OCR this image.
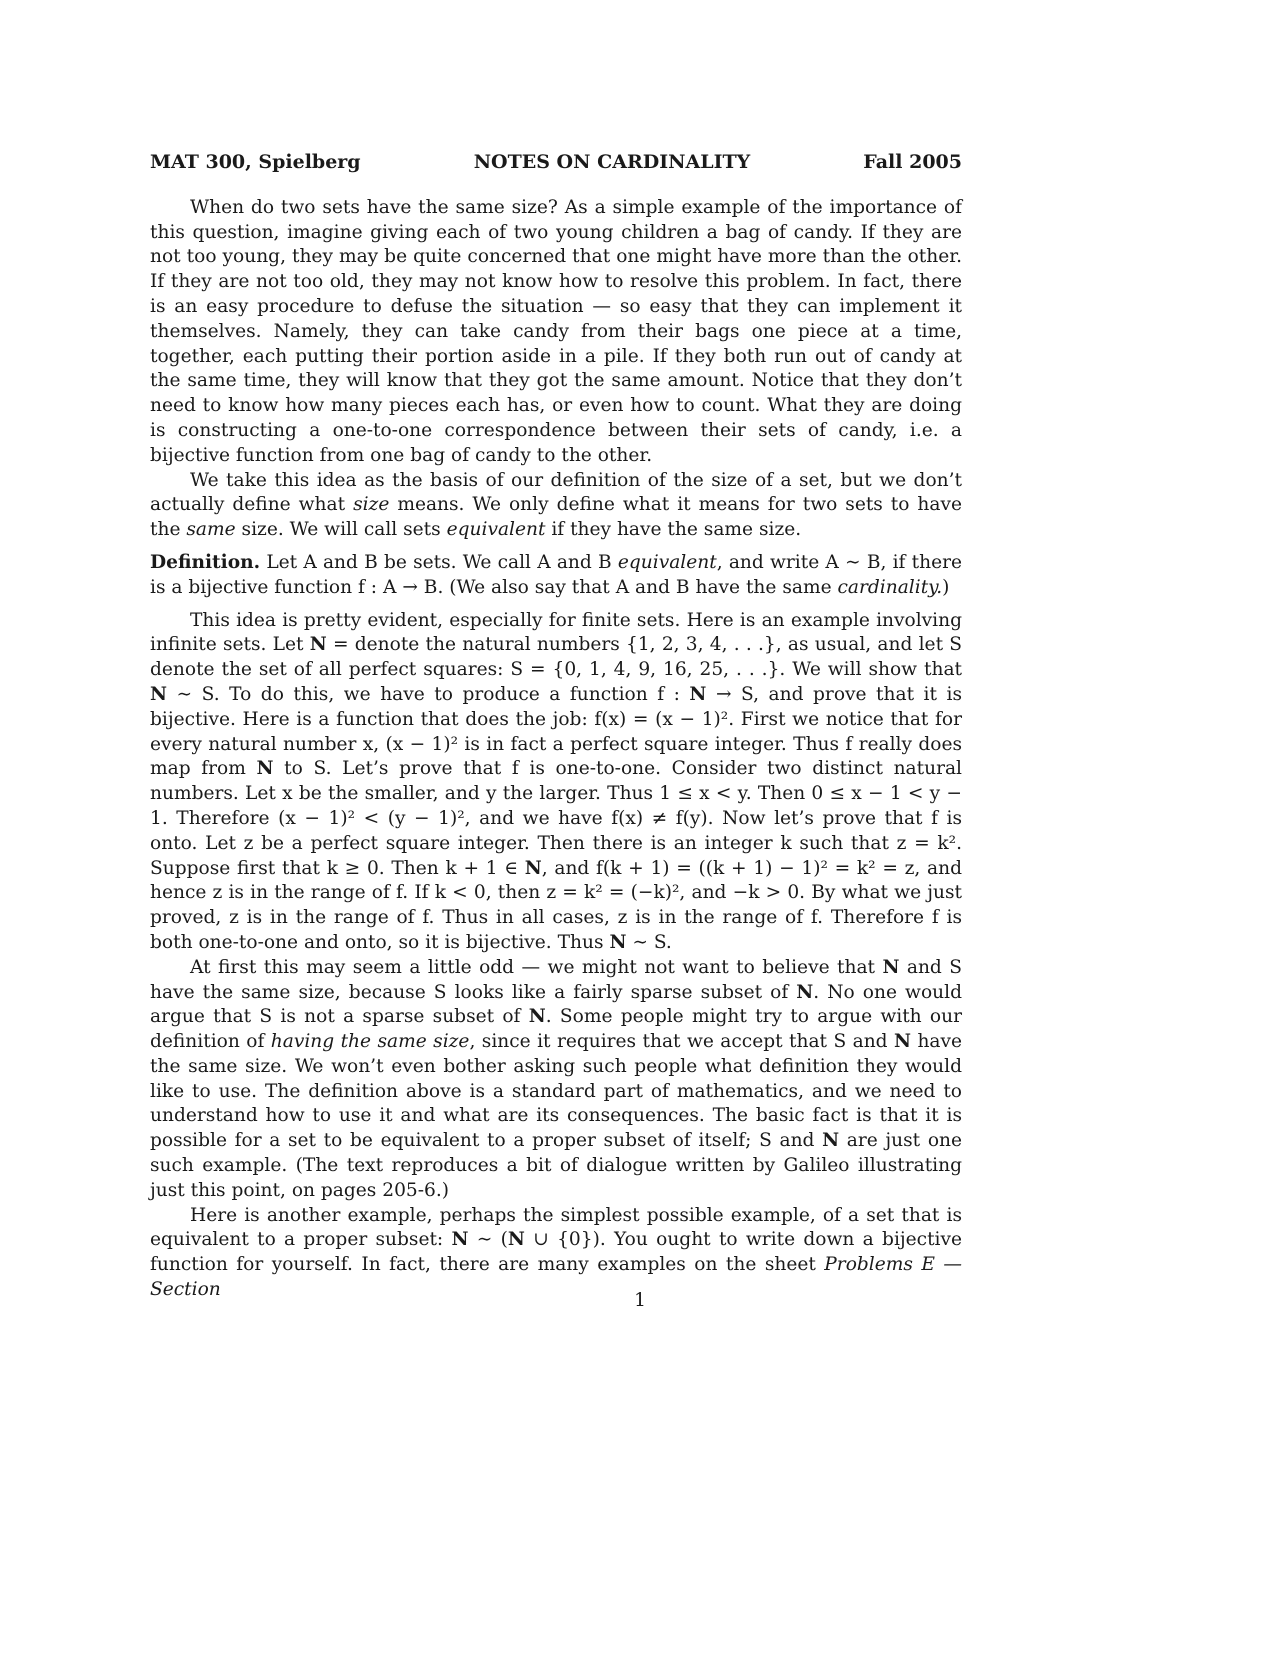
MAT 300, Spielberg	NOTES ON CARDINALITY	Fall 2005

When do two sets have the same size? As a simple example of the importance of this question, imagine giving each of two young children a bag of candy. If they are not too young, they may be quite concerned that one might have more than the other. If they are not too old, they may not know how to resolve this problem. In fact, there is an easy procedure to defuse the situation — so easy that they can implement it themselves. Namely, they can take candy from their bags one piece at a time, together, each putting their portion aside in a pile. If they both run out of candy at the same time, they will know that they got the same amount. Notice that they don’t need to know how many pieces each has, or even how to count. What they are doing is constructing a one-to-one correspondence between their sets of candy, i.e. a bijective function from one bag of candy to the other.

We take this idea as the basis of our definition of the size of a set, but we don’t actually define what size means. We only define what it means for two sets to have the same size. We will call sets equivalent if they have the same size.

Definition. Let A and B be sets. We call A and B equivalent, and write A ∼ B, if there is a bijective function f : A → B. (We also say that A and B have the same cardinality.)

This idea is pretty evident, especially for finite sets. Here is an example involving infinite sets. Let N = denote the natural numbers {1, 2, 3, 4, . . .}, as usual, and let S denote the set of all perfect squares: S = {0, 1, 4, 9, 16, 25, . . .}. We will show that N ∼ S. To do this, we have to produce a function f : N → S, and prove that it is bijective. Here is a function that does the job: f(x) = (x − 1)². First we notice that for every natural number x, (x − 1)² is in fact a perfect square integer. Thus f really does map from N to S. Let’s prove that f is one-to-one. Consider two distinct natural numbers. Let x be the smaller, and y the larger. Thus 1 ≤ x < y. Then 0 ≤ x − 1 < y − 1. Therefore (x − 1)² < (y − 1)², and we have f(x) ≠ f(y). Now let’s prove that f is onto. Let z be a perfect square integer. Then there is an integer k such that z = k². Suppose first that k ≥ 0. Then k + 1 ∈ N, and f(k + 1) = ((k + 1) − 1)² = k² = z, and hence z is in the range of f. If k < 0, then z = k² = (−k)², and −k > 0. By what we just proved, z is in the range of f. Thus in all cases, z is in the range of f. Therefore f is both one-to-one and onto, so it is bijective. Thus N ∼ S.

At first this may seem a little odd — we might not want to believe that N and S have the same size, because S looks like a fairly sparse subset of N. No one would argue that S is not a sparse subset of N. Some people might try to argue with our definition of having the same size, since it requires that we accept that S and N have the same size. We won’t even bother asking such people what definition they would like to use. The definition above is a standard part of mathematics, and we need to understand how to use it and what are its consequences. The basic fact is that it is possible for a set to be equivalent to a proper subset of itself; S and N are just one such example. (The text reproduces a bit of dialogue written by Galileo illustrating just this point, on pages 205-6.)

Here is another example, perhaps the simplest possible example, of a set that is equivalent to a proper subset: N ∼ (N ∪ {0}). You ought to write down a bijective function for yourself. In fact, there are many examples on the sheet Problems E — Section

1
